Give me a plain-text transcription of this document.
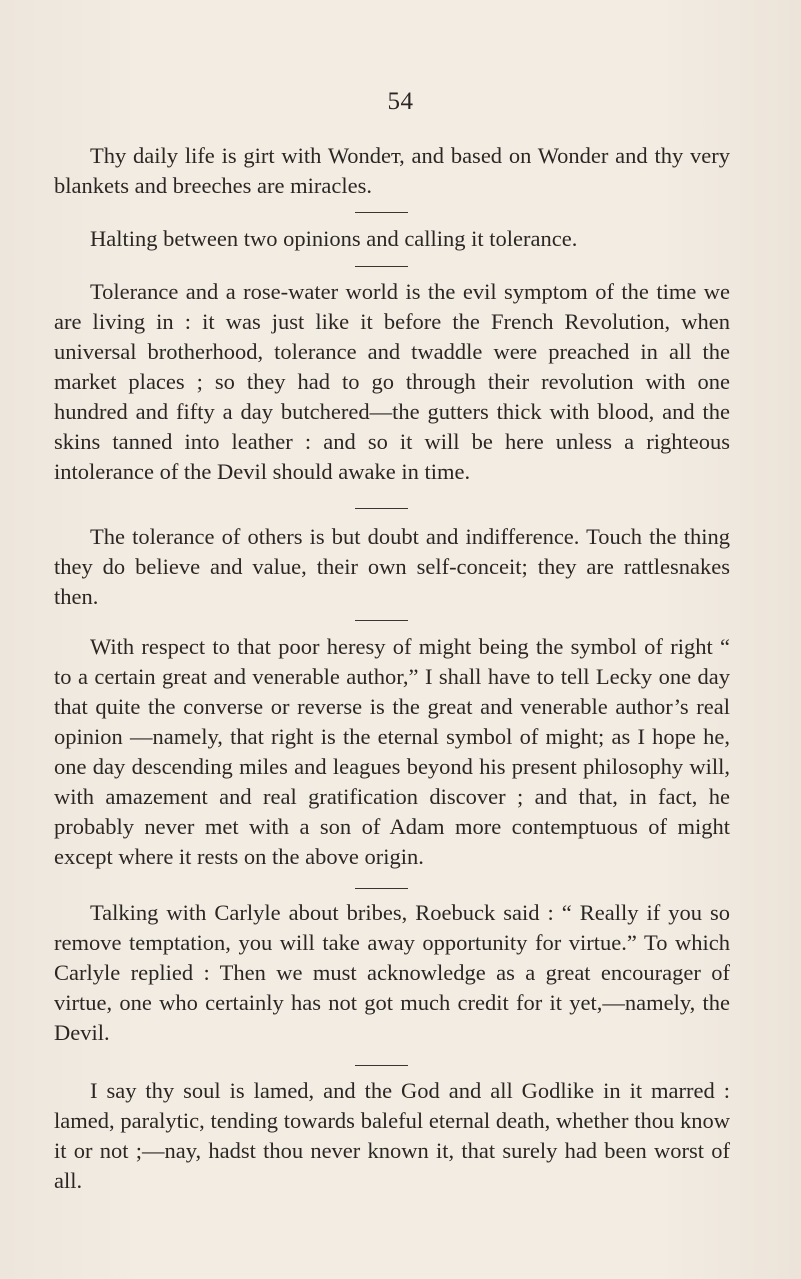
54

Thy daily life is girt with Wondeт, and based on Wonder and thy very blankets and breeches are miracles.

Halting between two opinions and calling it tolerance.

Tolerance and a rose-water world is the evil symptom of the time we are living in : it was just like it before the French Revolution, when universal brotherhood, tolerance and twaddle were preached in all the market places ; so they had to go through their revolution with one hundred and fifty a day butchered—the gutters thick with blood, and the skins tanned into leather : and so it will be here unless a righteous intolerance of the Devil should awake in time.

The tolerance of others is but doubt and indifference. Touch the thing they do believe and value, their own self-conceit; they are rattlesnakes then.

With respect to that poor heresy of might being the symbol of right “ to a certain great and venerable author,” I shall have to tell Lecky one day that quite the converse or reverse is the great and venerable author’s real opinion —namely, that right is the eternal symbol of might; as I hope he, one day descending miles and leagues beyond his present philosophy will, with amazement and real gratification discover ; and that, in fact, he probably never met with a son of Adam more contemptuous of might except where it rests on the above origin.

Talking with Carlyle about bribes, Roebuck said : “ Really if you so remove temptation, you will take away opportunity for virtue.” To which Carlyle replied : Then we must acknowledge as a great encourager of virtue, one who certainly has not got much credit for it yet,—namely, the Devil.

I say thy soul is lamed, and the God and all Godlike in it marred : lamed, paralytic, tending towards baleful eternal death, whether thou know it or not ;—nay, hadst thou never known it, that surely had been worst of all.
